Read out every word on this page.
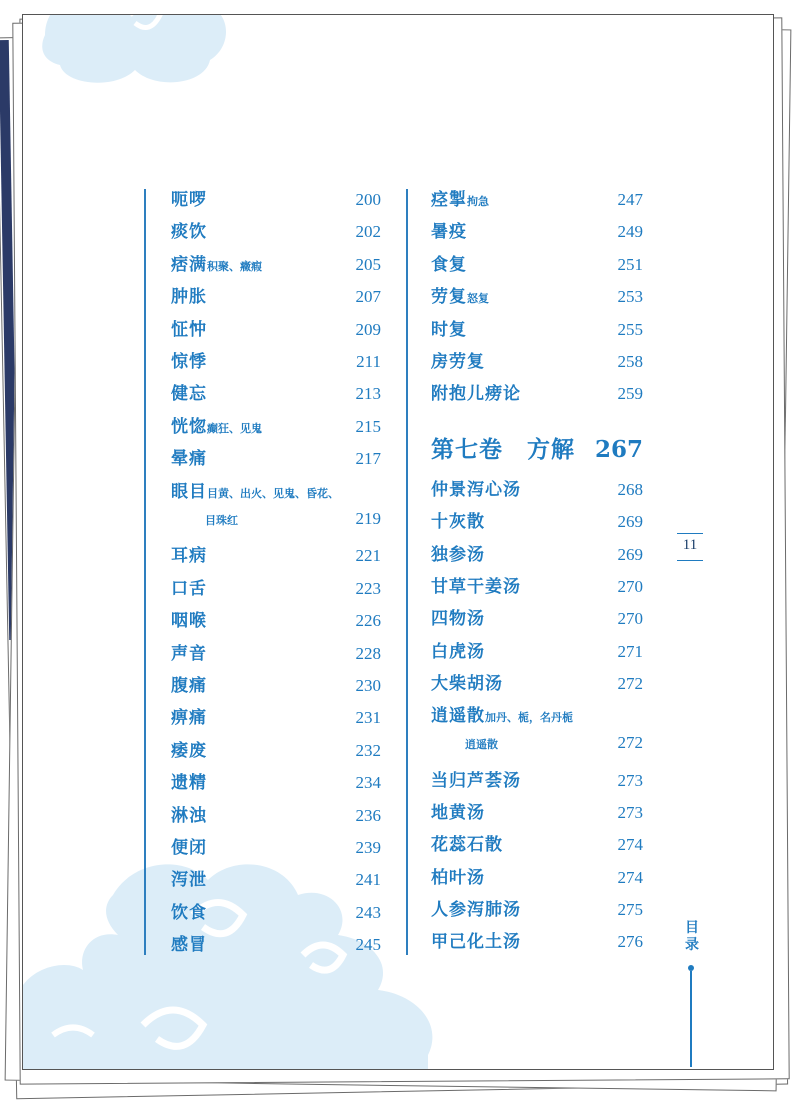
呃啰	200
痰饮	202
痞满积聚、癥瘕	205
肿胀	207
怔忡	209
惊悸	211
健忘	213
恍惚癫狂、见鬼	215
晕痛	217
眼目目黄、出火、见鬼、昏花、
目珠红	219
耳病	221
口舌	223
咽喉	226
声音	228
腹痛	230
痹痛	231
痿废	232
遗精	234
淋浊	236
便闭	239
泻泄	241
饮食	243
感冒	245
痉掣拘急	247
暑疫	249
食复	251
劳复怒复	253
时复	255
房劳复	258
附抱儿痨论	259
第七卷　方解 267
仲景泻心汤	268
十灰散	269
独参汤	269
甘草干姜汤	270
四物汤	270
白虎汤	271
大柴胡汤	272
逍遥散加丹、栀，名丹栀
逍遥散	272
当归芦荟汤	273
地黄汤	273
花蕊石散	274
柏叶汤	274
人参泻肺汤	275
甲己化土汤	276
11
目
录
